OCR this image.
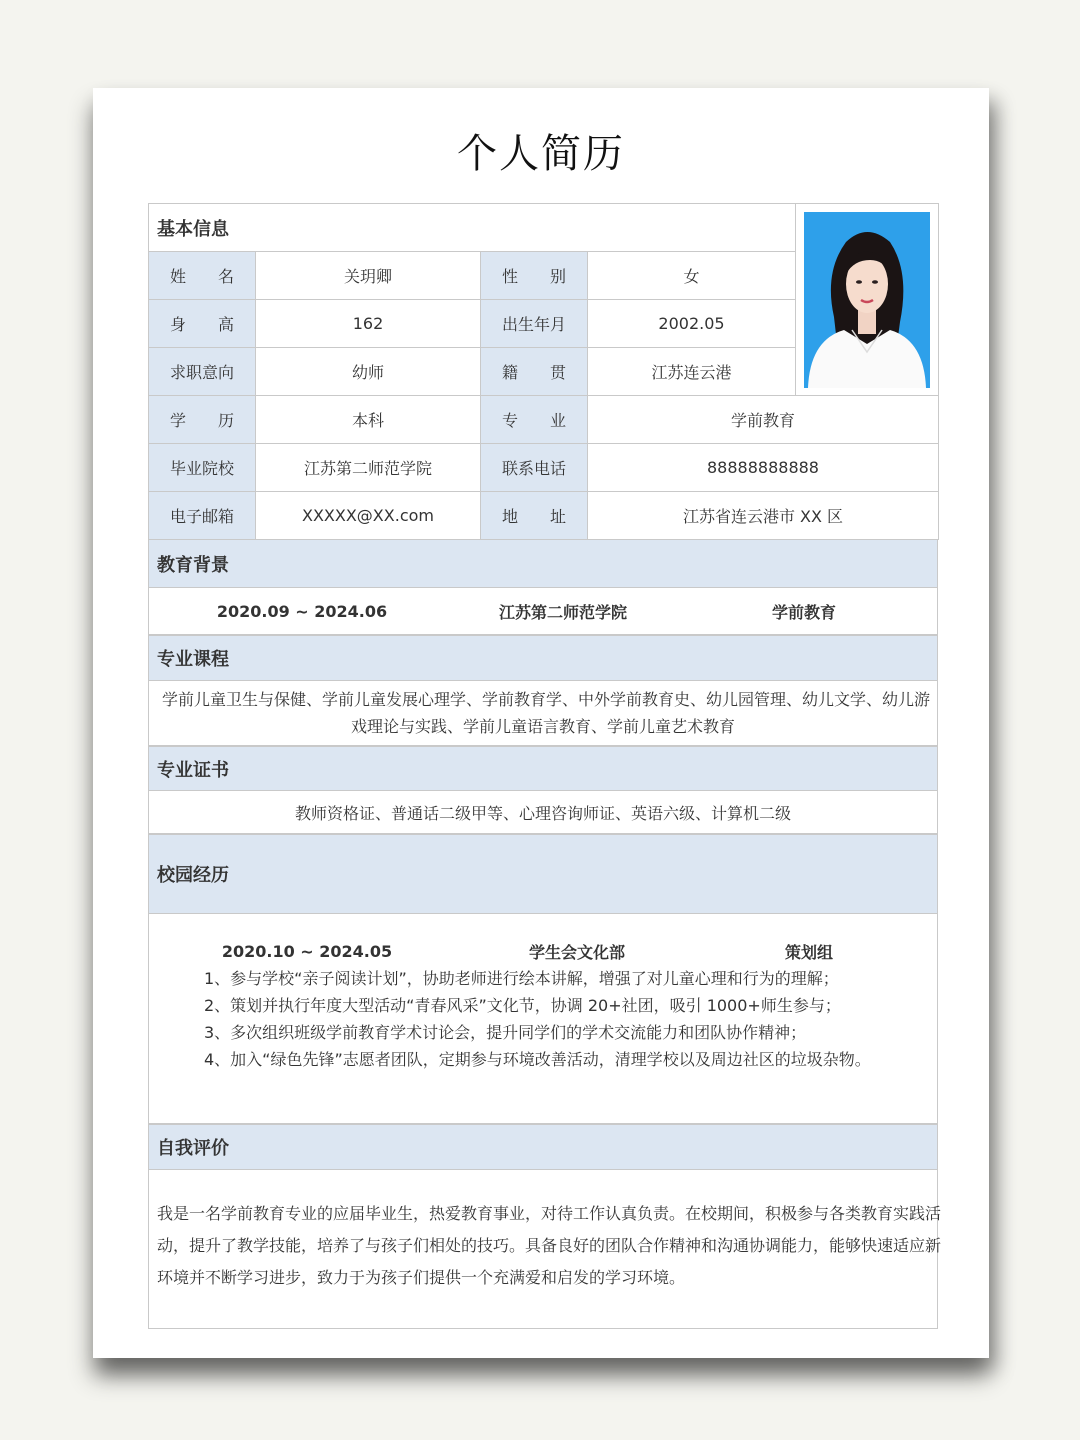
个人简历
基本信息	

姓　　名	关玥卿	性　　别	女	
身　　高	162	出生年月	2002.05	
求职意向	幼师	籍　　贯	江苏连云港	
学　　历	本科	专　　业	学前教育	
毕业院校	江苏第二师范学院	联系电话	88888888888	
电子邮箱	XXXXX@XX.com	地　　址	江苏省连云港市 XX 区	
教育背景
2020.09 ~ 2024.06	江苏第二师范学院	学前教育
专业课程
学前儿童卫生与保健、学前儿童发展心理学、学前教育学、中外学前教育史、幼儿园管理、幼儿文学、幼儿游
戏理论与实践、学前儿童语言教育、学前儿童艺术教育
专业证书
教师资格证、普通话二级甲等、心理咨询师证、英语六级、计算机二级
校园经历
2020.10 ~ 2024.05	学生会文化部	策划组
1、参与学校“亲子阅读计划”，协助老师进行绘本讲解，增强了对儿童心理和行为的理解；
2、策划并执行年度大型活动“青春风采”文化节，协调 20+社团，吸引 1000+师生参与；
3、多次组织班级学前教育学术讨论会，提升同学们的学术交流能力和团队协作精神；
4、加入“绿色先锋”志愿者团队，定期参与环境改善活动，清理学校以及周边社区的垃圾杂物。
自我评价
我是一名学前教育专业的应届毕业生，热爱教育事业，对待工作认真负责。在校期间，积极参与各类教育实践活
动，提升了教学技能，培养了与孩子们相处的技巧。具备良好的团队合作精神和沟通协调能力，能够快速适应新
环境并不断学习进步，致力于为孩子们提供一个充满爱和启发的学习环境。
